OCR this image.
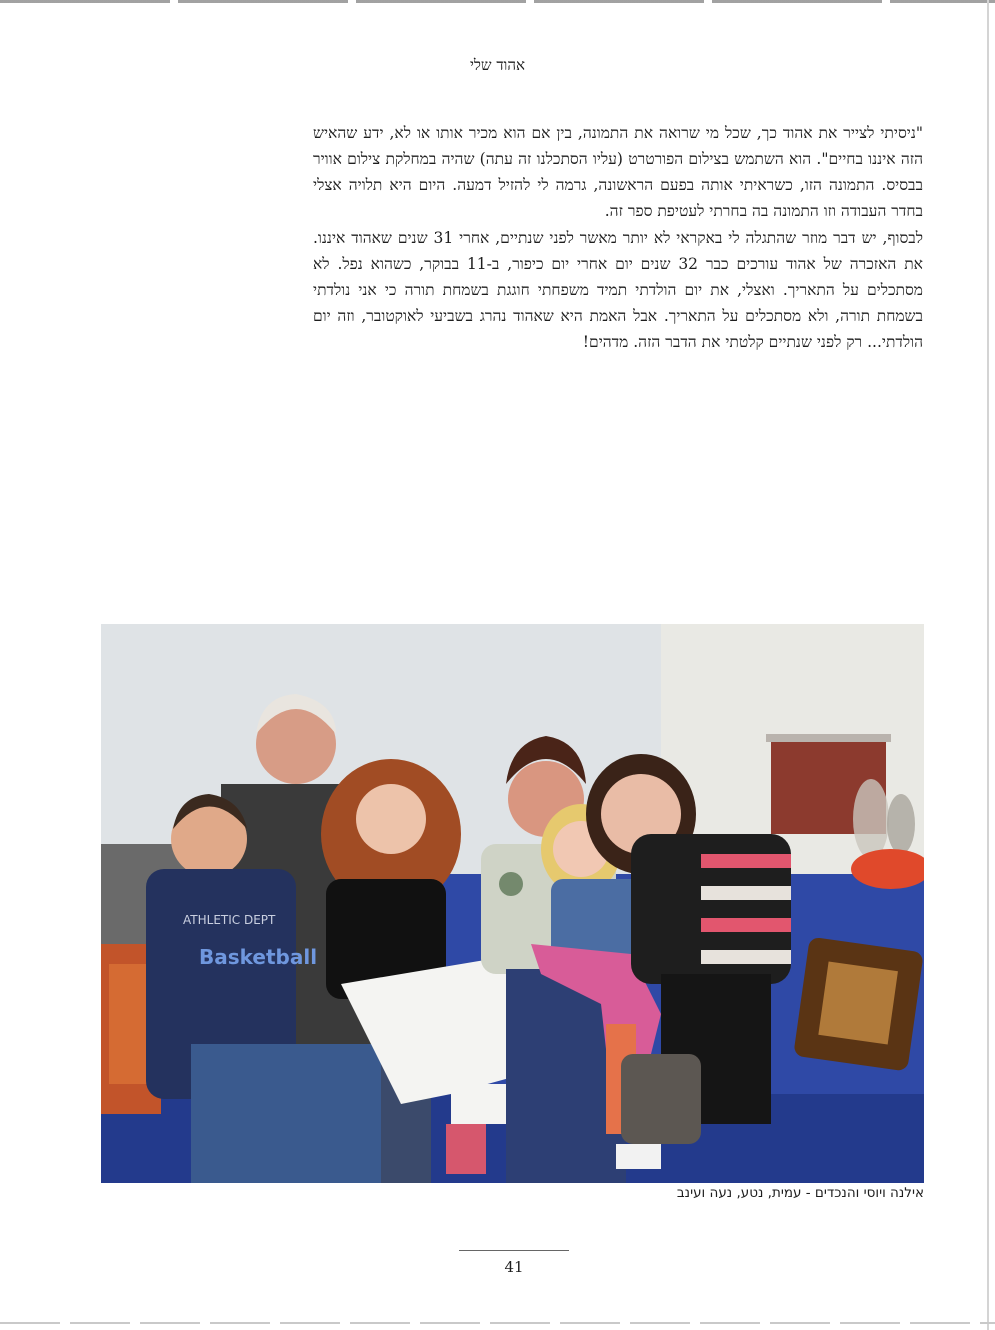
אהוד שלי

"ניסיתי לצייר את אהוד כך, שכל מי שרואה את התמונה, בין אם הוא מכיר אותו או לא, ידע שהאיש הזה איננו בחיים". הוא השתמש בצילום הפורטרט (עליו הסתכלנו זה עתה) שהיה במחלקת צילום אוויר בבסיס. התמונה הזו, כשראיתי אותה בפעם הראשונה, גרמה לי להזיל דמעה. היום היא תלויה אצלי בחדר העבודה וזו התמונה בה בחרתי לעטיפת ספר זה.

לבסוף, יש דבר מוזר שהתגלה לי באקראי לא יותר מאשר לפני שנתיים, אחרי 31 שנים שאהוד איננו. את האזכרה של אהוד עורכים כבר 32 שנים יום אחרי יום כיפור, ב-11 בבוקר, כשהוא נפל. לא מסתכלים על התאריך. ואצלי, את יום הולדתי תמיד משפחתי חוגגת בשמחת תורה כי אני נולדתי בשמחת תורה, ולא מסתכלים על התאריך. אבל האמת היא שאהוד נהרג בשביעי לאוקטובר, וזה יום הולדתי... רק לפני שנתיים קלטתי את הדבר הזה. מדהים!

ATHLETIC DEPT
Basketball
אילנה ויוסי והנכדים - עמית, נטע, נעה ועינב
41
